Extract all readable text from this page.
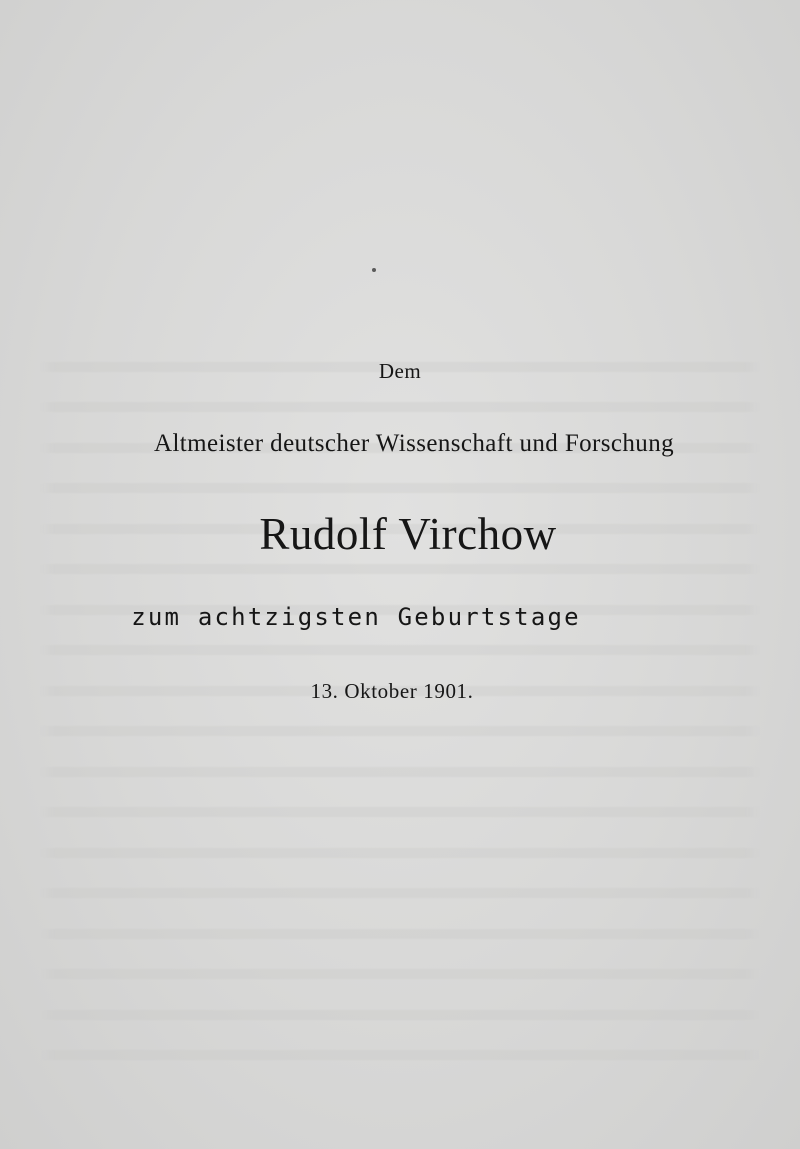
Dem
Altmeister deutscher Wissenschaft und Forschung
Rudolf Virchow
zum achtzigsten Geburtstage
13. Oktober 1901.
